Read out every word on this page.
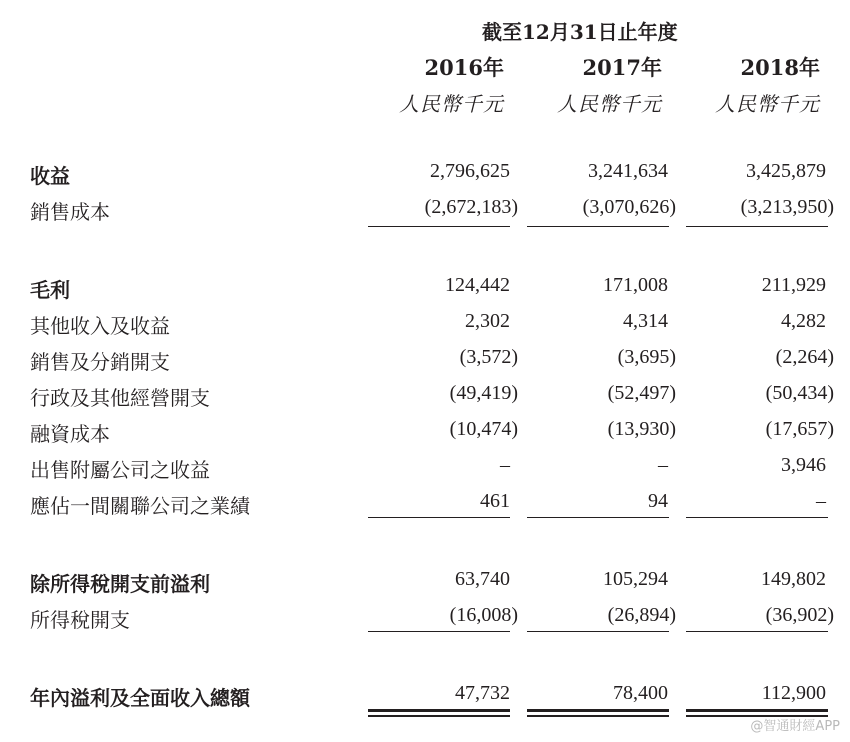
截至12月31日止年度
2016年	2017年	2018年
人民幣千元	人民幣千元	人民幣千元
收益	2,796,625	3,241,634	3,425,879
銷售成本	(2,672,183)	(3,070,626)	(3,213,950)
毛利	124,442	171,008	211,929
其他收入及收益	2,302	4,314	4,282
銷售及分銷開支	(3,572)	(3,695)	(2,264)
行政及其他經營開支	(49,419)	(52,497)	(50,434)
融資成本	(10,474)	(13,930)	(17,657)
出售附屬公司之收益	–	–	3,946
應佔一間關聯公司之業績	461	94	–
除所得稅開支前溢利	63,740	105,294	149,802
所得稅開支	(16,008)	(26,894)	(36,902)
年內溢利及全面收入總額	47,732	78,400	112,900
@智通財經APP
